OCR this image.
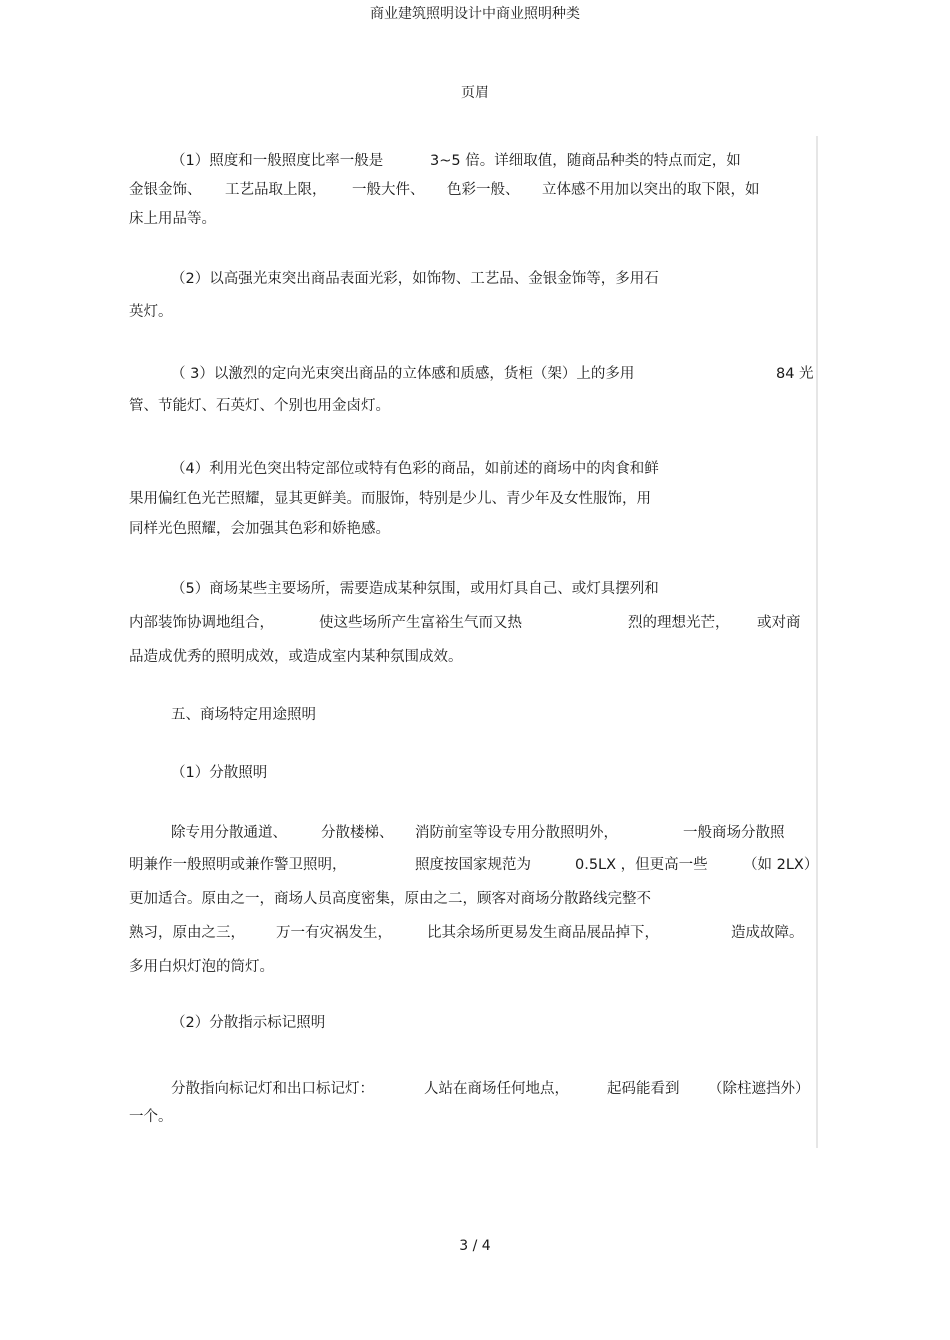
商业建筑照明设计中商业照明种类
页眉
（1）照度和一般照度比率一般是	3~5 倍。详细取值，随商品种类的特点而定，如
金银金饰、 工艺品取上限， 一般大件、 色彩一般、 立体感不用加以突出的取下限，如
床上用品等。
（2）以高强光束突出商品表面光彩，如饰物、工艺品、金银金饰等，多用石
英灯。
（ 3）以激烈的定向光束突出商品的立体感和质感，货柜（架）上的多用	84 光
管、节能灯、石英灯、个别也用金卤灯。
（4）利用光色突出特定部位或特有色彩的商品，如前述的商场中的肉食和鲜
果用偏红色光芒照耀，显其更鲜美。而服饰，特别是少儿、青少年及女性服饰，用
同样光色照耀，会加强其色彩和娇艳感。
（5）商场某些主要场所，需要造成某种氛围，或用灯具自己、或灯具摆列和
内部装饰协调地组合，	使这些场所产生富裕生气而又热	烈的理想光芒， 或对商
品造成优秀的照明成效，或造成室内某种氛围成效。
五、商场特定用途照明
（1）分散照明
除专用分散通道、 分散楼梯、 消防前室等设专用分散照明外，	一般商场分散照
明兼作一般照明或兼作警卫照明，	照度按国家规范为	0.5LX ，但更高一些 （如 2LX）
更加适合。原由之一，商场人员高度密集，原由之二，顾客对商场分散路线完整不
熟习，原由之三， 万一有灾祸发生， 比其余场所更易发生商品展品掉下，	造成故障。
多用白炽灯泡的筒灯。
（2）分散指示标记照明
分散指向标记灯和出口标记灯：	人站在商场任何地点，	起码能看到 （除柱遮挡外）
一个。
3 / 4
